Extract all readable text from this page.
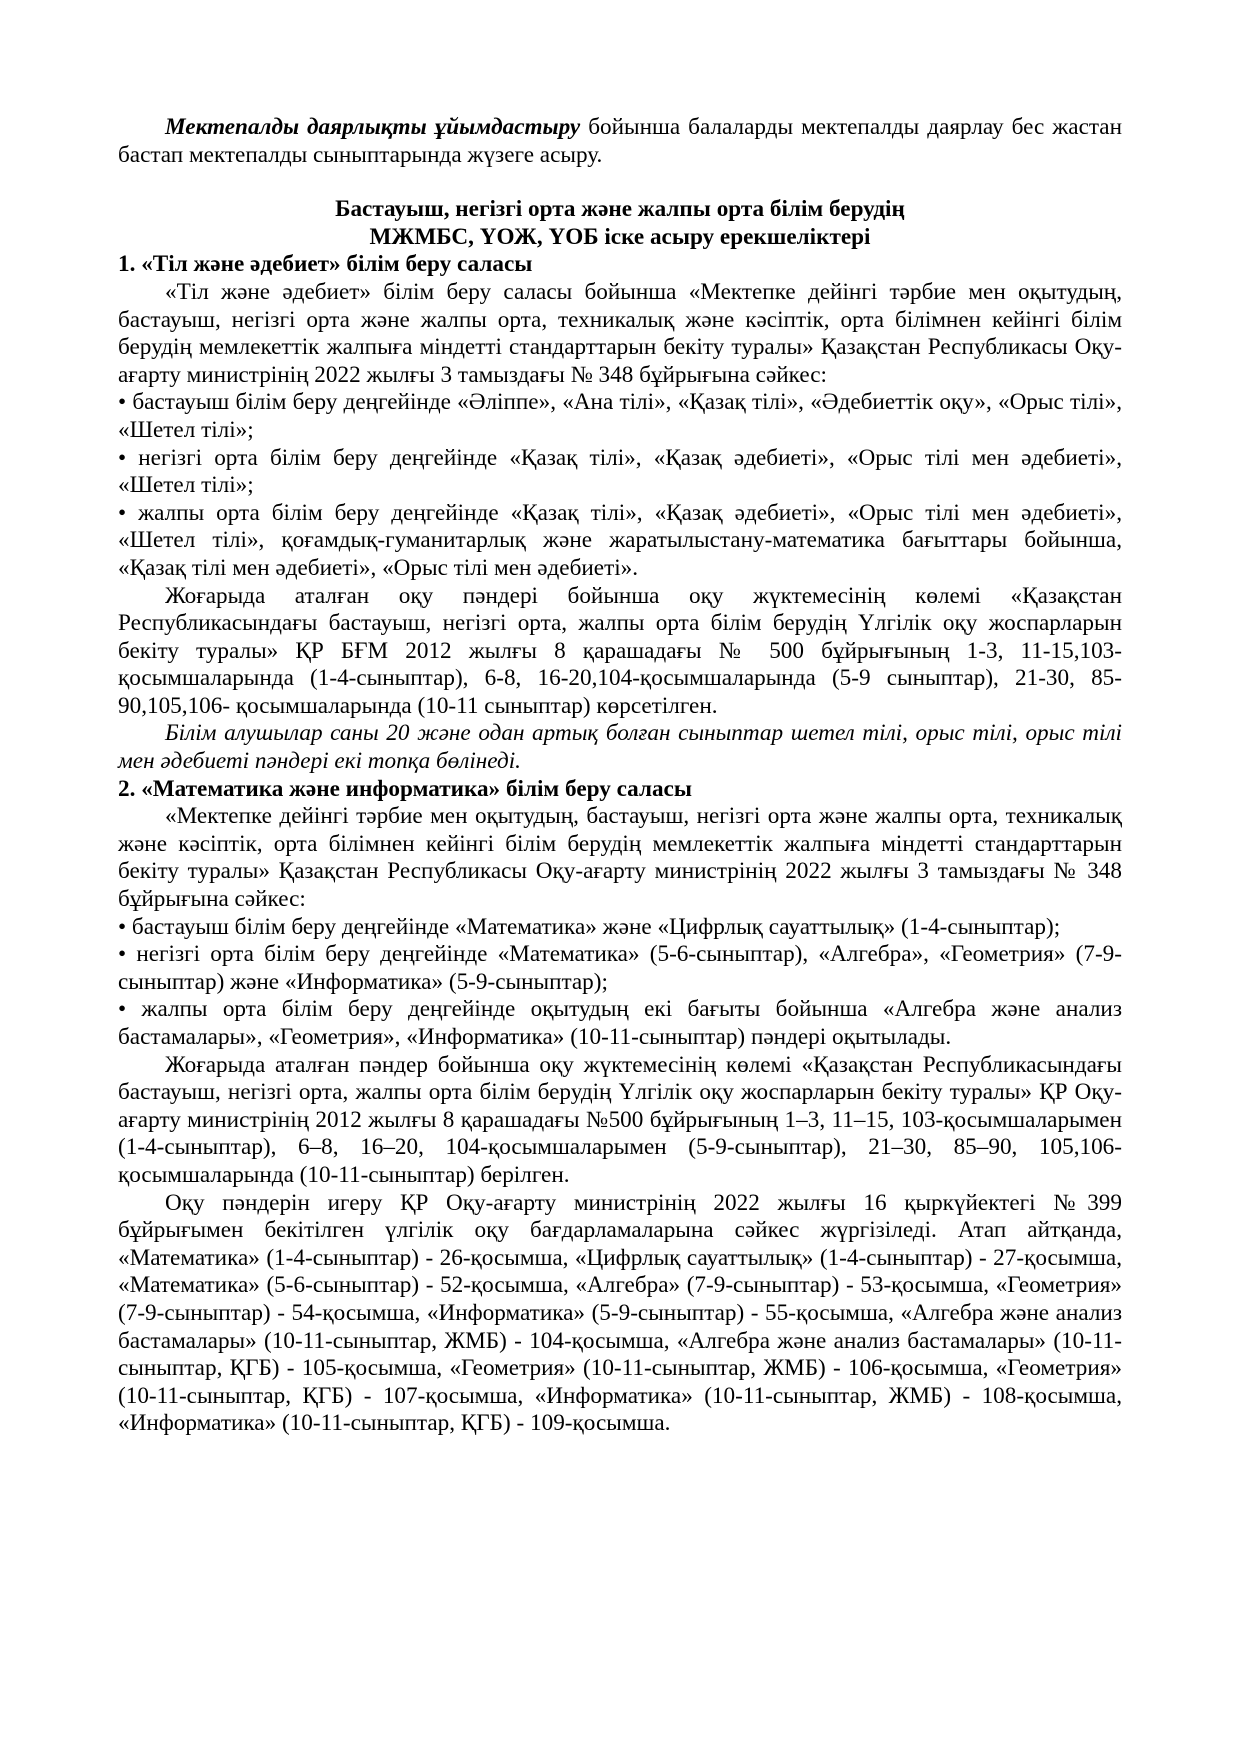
Мектепалды даярлықты ұйымдастыру бойынша балаларды мектепалды даярлау бес жастан бастап мектепалды сыныптарында жүзеге асыру.

Бастауыш, негізгі орта және жалпы орта білім берудің

МЖМБС, ҮОЖ, ҮОБ іске асыру ерекшеліктері

1. «Тіл және әдебиет» білім беру саласы

«Тіл және әдебиет» білім беру саласы бойынша «Мектепке дейінгі тәрбие мен оқытудың, бастауыш, негізгі орта және жалпы орта, техникалық және кәсіптік, орта білімнен кейінгі білім берудің мемлекеттік жалпыға міндетті стандарттарын бекіту туралы» Қазақстан Республикасы Оқу-ағарту министрінің 2022 жылғы 3 тамыздағы № 348 бұйрығына сәйкес:

• бастауыш білім беру деңгейінде «Әліппе», «Ана тілі», «Қазақ тілі», «Әдебиеттік оқу», «Орыс тілі», «Шетел тілі»;

• негізгі орта білім беру деңгейінде «Қазақ тілі», «Қазақ әдебиеті», «Орыс тілі мен әдебиеті», «Шетел тілі»;

• жалпы орта білім беру деңгейінде «Қазақ тілі», «Қазақ әдебиеті», «Орыс тілі мен әдебиеті», «Шетел тілі», қоғамдық-гуманитарлық және жаратылыстану-математика бағыттары бойынша, «Қазақ тілі мен әдебиеті», «Орыс тілі мен әдебиеті».

Жоғарыда аталған оқу пәндері бойынша оқу жүктемесінің көлемі «Қазақстан Республикасындағы бастауыш, негізгі орта, жалпы орта білім берудің Үлгілік оқу жоспарларын бекіту туралы» ҚР БҒМ 2012 жылғы 8 қарашадағы № 500 бұйрығының 1-3, 11-15,103-қосымшаларында (1-4-сыныптар), 6-8, 16-20,104-қосымшаларында (5-9 сыныптар), 21-30, 85-90,105,106- қосымшаларында (10-11 сыныптар) көрсетілген.

Білім алушылар саны 20 және одан артық болған сыныптар шетел тілі, орыс тілі, орыс тілі мен әдебиеті пәндері екі топқа бөлінеді.

2. «Математика және информатика» білім беру саласы

«Мектепке дейінгі тәрбие мен оқытудың, бастауыш, негізгі орта және жалпы орта, техникалық және кәсіптік, орта білімнен кейінгі білім берудің мемлекеттік жалпыға міндетті стандарттарын бекіту туралы» Қазақстан Республикасы Оқу-ағарту министрінің 2022 жылғы 3 тамыздағы № 348 бұйрығына сәйкес:

• бастауыш білім беру деңгейінде «Математика» және «Цифрлық сауаттылық» (1-4-сыныптар);

• негізгі орта білім беру деңгейінде «Математика» (5-6-сыныптар), «Алгебра», «Геометрия» (7-9-сыныптар) және «Информатика» (5-9-сыныптар);

• жалпы орта білім беру деңгейінде оқытудың екі бағыты бойынша «Алгебра және анализ бастамалары», «Геометрия», «Информатика» (10-11-сыныптар) пәндері оқытылады.

Жоғарыда аталған пәндер бойынша оқу жүктемесінің көлемі «Қазақстан Республикасындағы бастауыш, негізгі орта, жалпы орта білім берудің Үлгілік оқу жоспарларын бекіту туралы» ҚР Оқу-ағарту министрінің 2012 жылғы 8 қарашадағы №500 бұйрығының 1–3, 11–15, 103-қосымшаларымен (1-4-сыныптар), 6–8, 16–20, 104-қосымшаларымен (5-9-сыныптар), 21–30, 85–90, 105,106-қосымшаларында (10-11-сыныптар) берілген.

Оқу пәндерін игеру ҚР Оқу-ағарту министрінің 2022 жылғы 16 қыркүйектегі №399 бұйрығымен бекітілген үлгілік оқу бағдарламаларына сәйкес жүргізіледі. Атап айтқанда, «Математика» (1-4-сыныптар) - 26-қосымша, «Цифрлық сауаттылық» (1-4-сыныптар) - 27-қосымша, «Математика» (5-6-сыныптар) - 52-қосымша, «Алгебра» (7-9-сыныптар) - 53-қосымша, «Геометрия» (7-9-сыныптар) - 54-қосымша, «Информатика» (5-9-сыныптар) - 55-қосымша, «Алгебра және анализ бастамалары» (10-11-сыныптар, ЖМБ) - 104-қосымша, «Алгебра және анализ бастамалары» (10-11-сыныптар, ҚГБ) - 105-қосымша, «Геометрия» (10-11-сыныптар, ЖМБ) - 106-қосымша, «Геометрия» (10-11-сыныптар, ҚГБ) - 107-қосымша, «Информатика» (10-11-сыныптар, ЖМБ) - 108-қосымша, «Информатика» (10-11-сыныптар, ҚГБ) - 109-қосымша.
